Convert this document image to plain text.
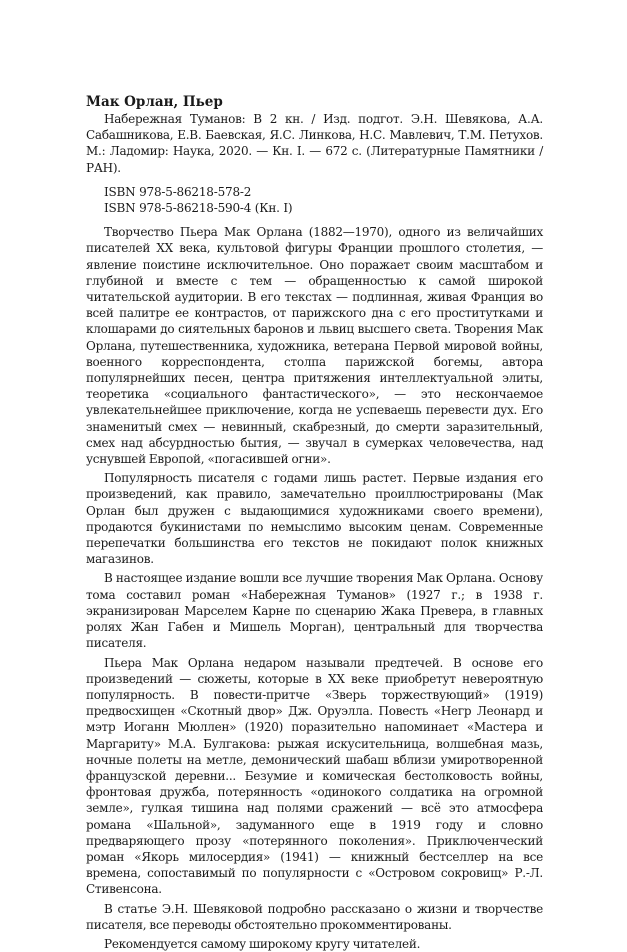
Мак Орлан, Пьер

Набережная Туманов: В 2 кн. / Изд. подгот. Э.Н. Шевякова, А.А. Сабашникова, Е.В. Баевская, Я.С. Линкова, Н.С. Мавлевич, Т.М. Петухов. М.: Ладомир: Наука, 2020. — Кн. I. — 672 с. (Литературные Памятники / РАН).

ISBN 978-5-86218-578-2

ISBN 978-5-86218-590-4 (Кн. I)

Творчество Пьера Мак Орлана (1882—1970), одного из величайших писателей XX века, культовой фигуры Франции прошлого столетия, — явление поистине исключительное. Оно поражает своим масштабом и глубиной и вместе с тем — обращенностью к самой широкой читательской аудитории. В его текстах — подлинная, живая Франция во всей палитре ее контрастов, от парижского дна с его проститутками и клошарами до сиятельных баронов и львиц высшего света. Творения Мак Орлана, путешественника, художника, ветерана Первой мировой войны, военного корреспондента, столпа парижской богемы, автора популярнейших песен, центра притяжения интеллектуальной элиты, теоретика «социального фантастического», — это нескончаемое увлекательнейшее приключение, когда не успеваешь перевести дух. Его знаменитый смех — невинный, скабрезный, до смерти заразительный, смех над абсурдностью бытия, — звучал в сумерках человечества, над уснувшей Европой, «погасившей огни».

Популярность писателя с годами лишь растет. Первые издания его произведений, как правило, замечательно проиллюстрированы (Мак Орлан был дружен с выдающимися художниками своего времени), продаются букинистами по немыслимо высоким ценам. Современные перепечатки большинства его текстов не покидают полок книжных магазинов.

В настоящее издание вошли все лучшие творения Мак Орлана. Основу тома составил роман «Набережная Туманов» (1927 г.; в 1938 г. экранизирован Марселем Карне по сценарию Жака Превера, в главных ролях Жан Габен и Мишель Морган), центральный для творчества писателя.

Пьера Мак Орлана недаром называли предтечей. В основе его произведений — сюжеты, которые в XX веке приобретут невероятную популярность. В повести-притче «Зверь торжествующий» (1919) предвосхищен «Скотный двор» Дж. Оруэлла. Повесть «Негр Леонард и мэтр Иоганн Мюллен» (1920) поразительно напоминает «Мастера и Маргариту» М.А. Булгакова: рыжая искусительница, волшебная мазь, ночные полеты на метле, демонический шабаш вблизи умиротворенной французской деревни... Безумие и комическая бестолковость войны, фронтовая дружба, потерянность «одинокого солдатика на огромной земле», гулкая тишина над полями сражений — всё это атмосфера романа «Шальной», задуманного еще в 1919 году и словно предваряющего прозу «потерянного поколения». Приключенческий роман «Якорь милосердия» (1941) — книжный бестселлер на все времена, сопоставимый по популярности с «Островом сокровищ» Р.-Л. Стивенсона.

В статье Э.Н. Шевяковой подробно рассказано о жизни и творчестве писателя, все переводы обстоятельно прокомментированы.

Рекомендуется самому широкому кругу читателей.
